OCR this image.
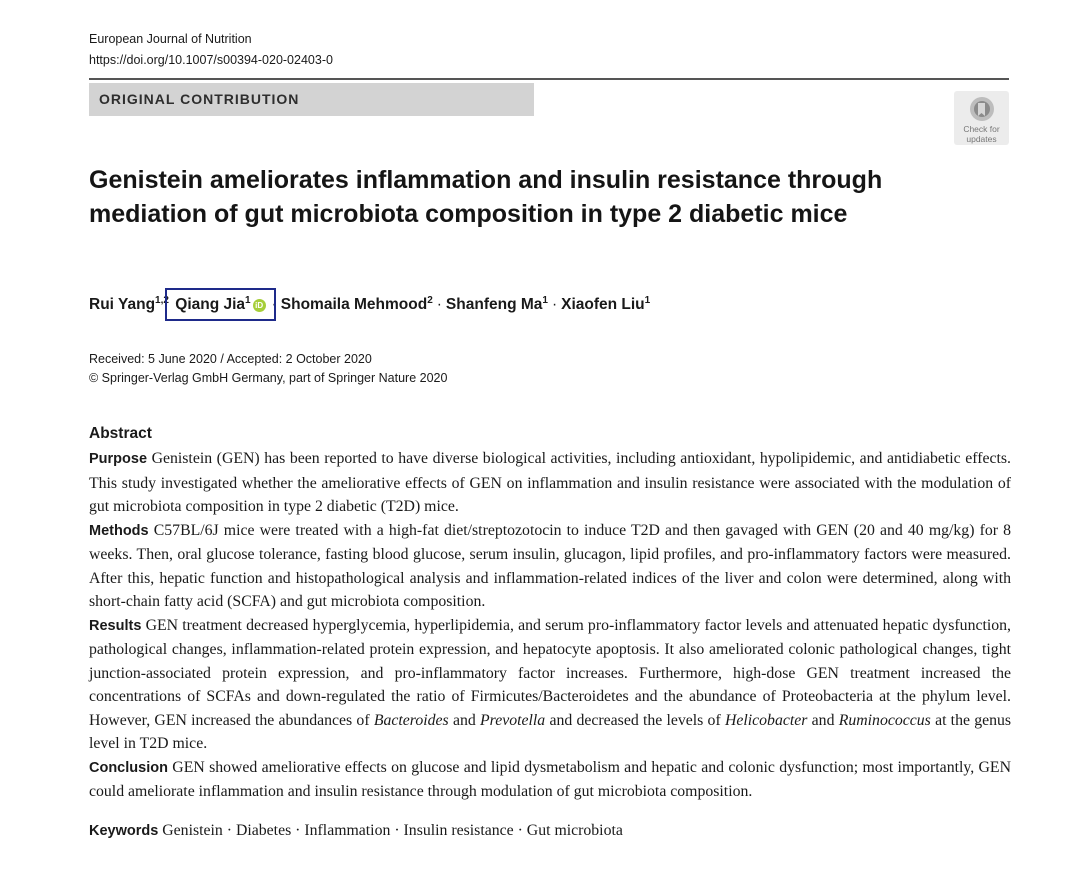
European Journal of Nutrition
https://doi.org/10.1007/s00394-020-02403-0
ORIGINAL CONTRIBUTION
Check for
updates
Genistein ameliorates inflammation and insulin resistance through mediation of gut microbiota composition in type 2 diabetic mice
Rui Yang$^{1,2}$ Qiang Jia$^1$ iD · Shomaila Mehmood$^2$ · Shanfeng $Ma^1$ · Xiaofen Liu$^1$
Received: 5 June 2020 / Accepted: 2 October 2020
© Springer-Verlag GmbH Germany, part of Springer Nature 2020
Abstract

Purpose Genistein (GEN) has been reported to have diverse biological activities, including antioxidant, hypolipidemic, and antidiabetic effects. This study investigated whether the ameliorative effects of GEN on inflammation and insulin resistance were associated with the modulation of gut microbiota composition in type 2 diabetic (T2D) mice.

Methods C57BL/6J mice were treated with a high-fat diet/streptozotocin to induce T2D and then gavaged with GEN (20 and 40 mg/kg) for 8 weeks. Then, oral glucose tolerance, fasting blood glucose, serum insulin, glucagon, lipid profiles, and pro-inflammatory factors were measured. After this, hepatic function and histopathological analysis and inflammation-related indices of the liver and colon were determined, along with short-chain fatty acid (SCFA) and gut microbiota composition.

Results GEN treatment decreased hyperglycemia, hyperlipidemia, and serum pro-inflammatory factor levels and attenuated hepatic dysfunction, pathological changes, inflammation-related protein expression, and hepatocyte apoptosis. It also ameliorated colonic pathological changes, tight junction-associated protein expression, and pro-inflammatory factor increases. Furthermore, high-dose GEN treatment increased the concentrations of SCFAs and down-regulated the ratio of Firmicutes/Bacteroidetes and the abundance of Proteobacteria at the phylum level. However, GEN increased the abundances of Bacteroides and Prevotella and decreased the levels of Helicobacter and Ruminococcus at the genus level in T2D mice.

Conclusion GEN showed ameliorative effects on glucose and lipid dysmetabolism and hepatic and colonic dysfunction; most importantly, GEN could ameliorate inflammation and insulin resistance through modulation of gut microbiota composition.

Keywords Genistein · Diabetes · Inflammation · Insulin resistance · Gut microbiota
